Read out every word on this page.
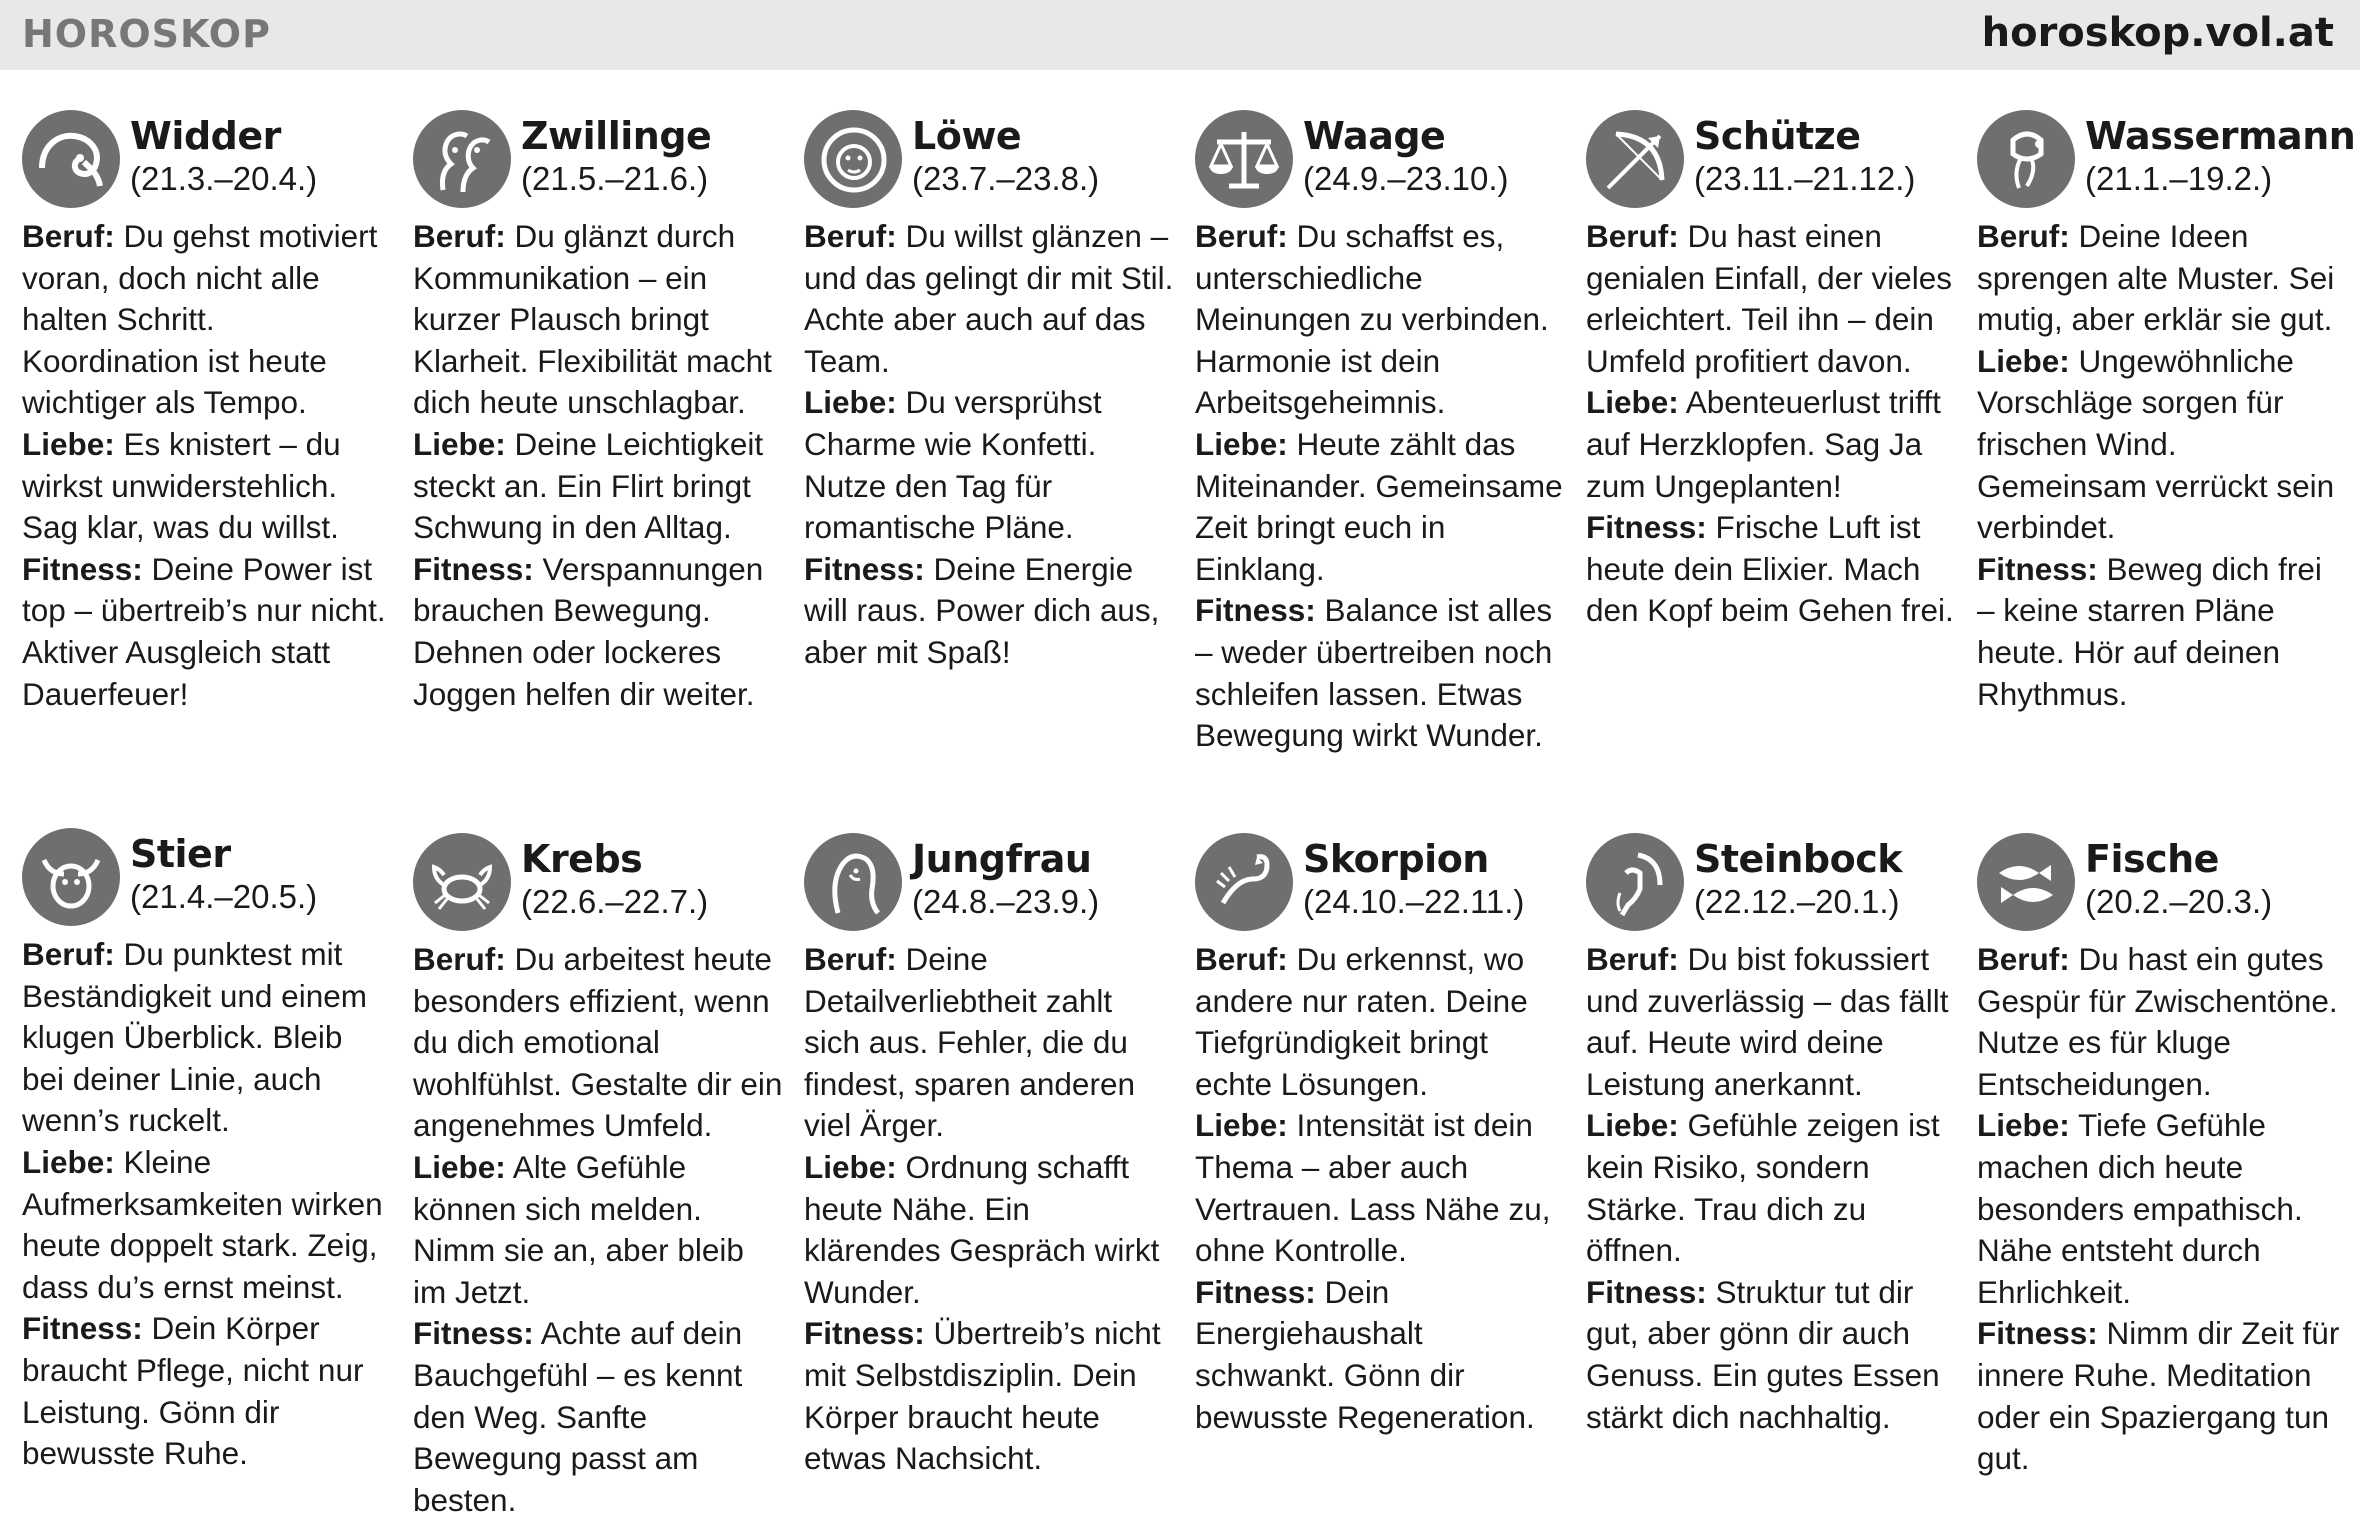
HOROSKOP	horoskop.vol.at
Widder
(21.3.–20.4.)

Beruf: Du gehst motiviert voran, doch nicht alle halten Schritt. Koordination ist heute wichtiger als Tempo.

Liebe: Es knistert – du wirkst unwiderstehlich. Sag klar, was du willst.

Fitness: Deine Power ist top – übertreib’s nur nicht. Aktiver Ausgleich statt Dauerfeuer!

Zwillinge
(21.5.–21.6.)

Beruf: Du glänzt durch Kommunikation – ein kurzer Plausch bringt Klarheit. Flexibilität macht dich heute unschlagbar.

Liebe: Deine Leichtigkeit steckt an. Ein Flirt bringt Schwung in den Alltag.

Fitness: Verspannungen brauchen Bewegung. Dehnen oder lockeres Joggen helfen dir weiter.

Löwe
(23.7.–23.8.)

Beruf: Du willst glänzen – und das gelingt dir mit Stil. Achte aber auch auf das Team.

Liebe: Du versprühst Charme wie Konfetti. Nutze den Tag für romantische Pläne.

Fitness: Deine Energie will raus. Power dich aus, aber mit Spaß!

Waage
(24.9.–23.10.)

Beruf: Du schaffst es, unterschiedliche Meinungen zu verbinden. Harmonie ist dein Arbeitsgeheimnis.

Liebe: Heute zählt das Miteinander. Gemeinsame Zeit bringt euch in Einklang.

Fitness: Balance ist alles – weder übertreiben noch schleifen lassen. Etwas Bewegung wirkt Wunder.

Schütze
(23.11.–21.12.)

Beruf: Du hast einen genialen Einfall, der vieles erleichtert. Teil ihn – dein Umfeld profitiert davon.

Liebe: Abenteuerlust trifft auf Herzklopfen. Sag Ja zum Ungeplanten!

Fitness: Frische Luft ist heute dein Elixier. Mach den Kopf beim Gehen frei.

Wassermann
(21.1.–19.2.)

Beruf: Deine Ideen sprengen alte Muster. Sei mutig, aber erklär sie gut.

Liebe: Ungewöhnliche Vorschläge sorgen für frischen Wind. Gemeinsam verrückt sein verbindet.

Fitness: Beweg dich frei – keine starren Pläne heute. Hör auf deinen Rhythmus.

Stier
(21.4.–20.5.)

Beruf: Du punktest mit Beständigkeit und einem klugen Überblick. Bleib bei deiner Linie, auch wenn’s ruckelt.

Liebe: Kleine Aufmerksamkeiten wirken heute doppelt stark. Zeig, dass du’s ernst meinst.

Fitness: Dein Körper braucht Pflege, nicht nur Leistung. Gönn dir bewusste Ruhe.

Krebs
(22.6.–22.7.)

Beruf: Du arbeitest heute besonders effizient, wenn du dich emotional wohlfühlst. Gestalte dir ein angenehmes Umfeld.

Liebe: Alte Gefühle können sich melden. Nimm sie an, aber bleib im Jetzt.

Fitness: Achte auf dein Bauchgefühl – es kennt den Weg. Sanfte Bewegung passt am besten.

Jungfrau
(24.8.–23.9.)

Beruf: Deine Detailverliebtheit zahlt sich aus. Fehler, die du findest, sparen anderen viel Ärger.

Liebe: Ordnung schafft heute Nähe. Ein klärendes Gespräch wirkt Wunder.

Fitness: Übertreib’s nicht mit Selbstdisziplin. Dein Körper braucht heute etwas Nachsicht.

Skorpion
(24.10.–22.11.)

Beruf: Du erkennst, wo andere nur raten. Deine Tiefgründigkeit bringt echte Lösungen.

Liebe: Intensität ist dein Thema – aber auch Vertrauen. Lass Nähe zu, ohne Kontrolle.

Fitness: Dein Energiehaushalt schwankt. Gönn dir bewusste Regeneration.

Steinbock
(22.12.–20.1.)

Beruf: Du bist fokussiert und zuverlässig – das fällt auf. Heute wird deine Leistung anerkannt.

Liebe: Gefühle zeigen ist kein Risiko, sondern Stärke. Trau dich zu öffnen.

Fitness: Struktur tut dir gut, aber gönn dir auch Genuss. Ein gutes Essen stärkt dich nachhaltig.

Fische
(20.2.–20.3.)

Beruf: Du hast ein gutes Gespür für Zwischentöne. Nutze es für kluge Entscheidungen.

Liebe: Tiefe Gefühle machen dich heute besonders empathisch. Nähe entsteht durch Ehrlichkeit.

Fitness: Nimm dir Zeit für innere Ruhe. Meditation oder ein Spaziergang tun gut.
